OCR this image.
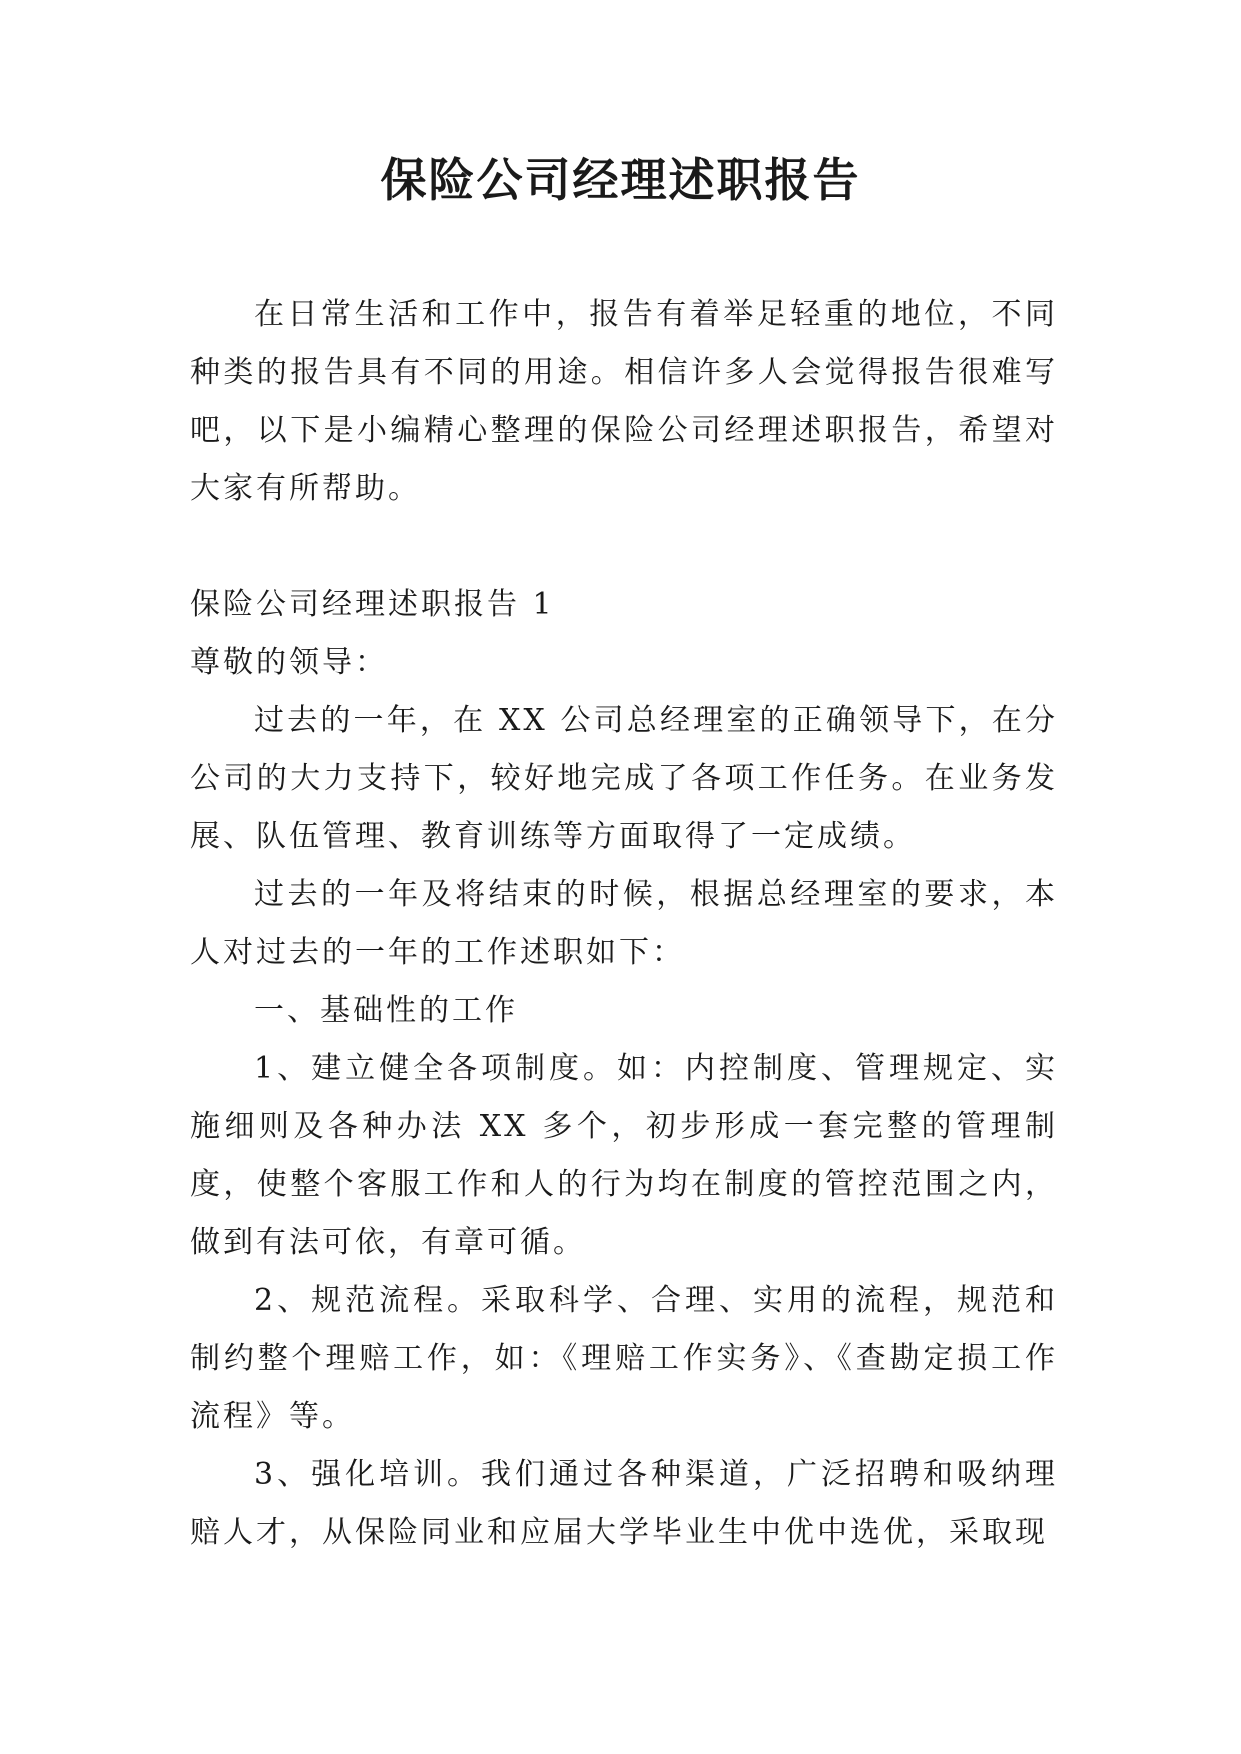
保险公司经理述职报告

在日常生活和工作中，报告有着举足轻重的地位，不同种类的报告具有不同的用途。相信许多人会觉得报告很难写吧，以下是小编精心整理的保险公司经理述职报告，希望对大家有所帮助。

保险公司经理述职报告 1

尊敬的领导：

过去的一年，在 XX 公司总经理室的正确领导下，在分公司的大力支持下，较好地完成了各项工作任务。在业务发展、队伍管理、教育训练等方面取得了一定成绩。

过去的一年及将结束的时候，根据总经理室的要求，本人对过去的一年的工作述职如下：

一、基础性的工作

1、建立健全各项制度。如：内控制度、管理规定、实施细则及各种办法 XX 多个，初步形成一套完整的管理制度，使整个客服工作和人的行为均在制度的管控范围之内，做到有法可依，有章可循。

2、规范流程。采取科学、合理、实用的流程，规范和制约整个理赔工作，如：《理赔工作实务》、《查勘定损工作流程》等。

3、强化培训。我们通过各种渠道，广泛招聘和吸纳理赔人才，从保险同业和应届大学毕业生中优中选优，采取现
